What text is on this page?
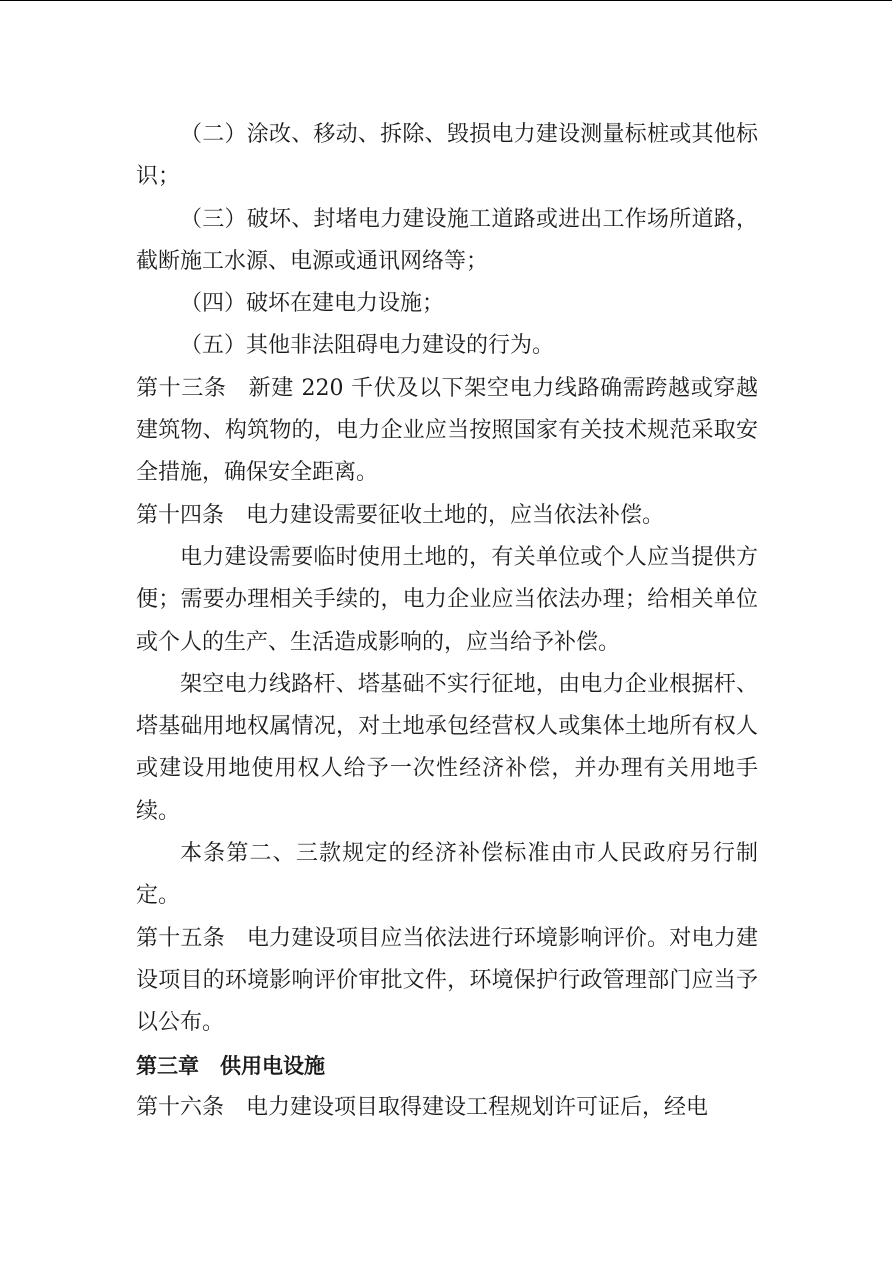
（二）涂改、移动、拆除、毁损电力建设测量标桩或其他标识；

（三）破坏、封堵电力建设施工道路或进出工作场所道路，截断施工水源、电源或通讯网络等；

（四）破坏在建电力设施；

（五）其他非法阻碍电力建设的行为。

第十三条 新建 220 千伏及以下架空电力线路确需跨越或穿越建筑物、构筑物的，电力企业应当按照国家有关技术规范采取安全措施，确保安全距离。

第十四条 电力建设需要征收土地的，应当依法补偿。

电力建设需要临时使用土地的，有关单位或个人应当提供方便；需要办理相关手续的，电力企业应当依法办理；给相关单位或个人的生产、生活造成影响的，应当给予补偿。

架空电力线路杆、塔基础不实行征地，由电力企业根据杆、塔基础用地权属情况，对土地承包经营权人或集体土地所有权人或建设用地使用权人给予一次性经济补偿，并办理有关用地手续。

本条第二、三款规定的经济补偿标准由市人民政府另行制定。

第十五条 电力建设项目应当依法进行环境影响评价。对电力建设项目的环境影响评价审批文件，环境保护行政管理部门应当予以公布。

第三章 供用电设施

第十六条 电力建设项目取得建设工程规划许可证后，经电
